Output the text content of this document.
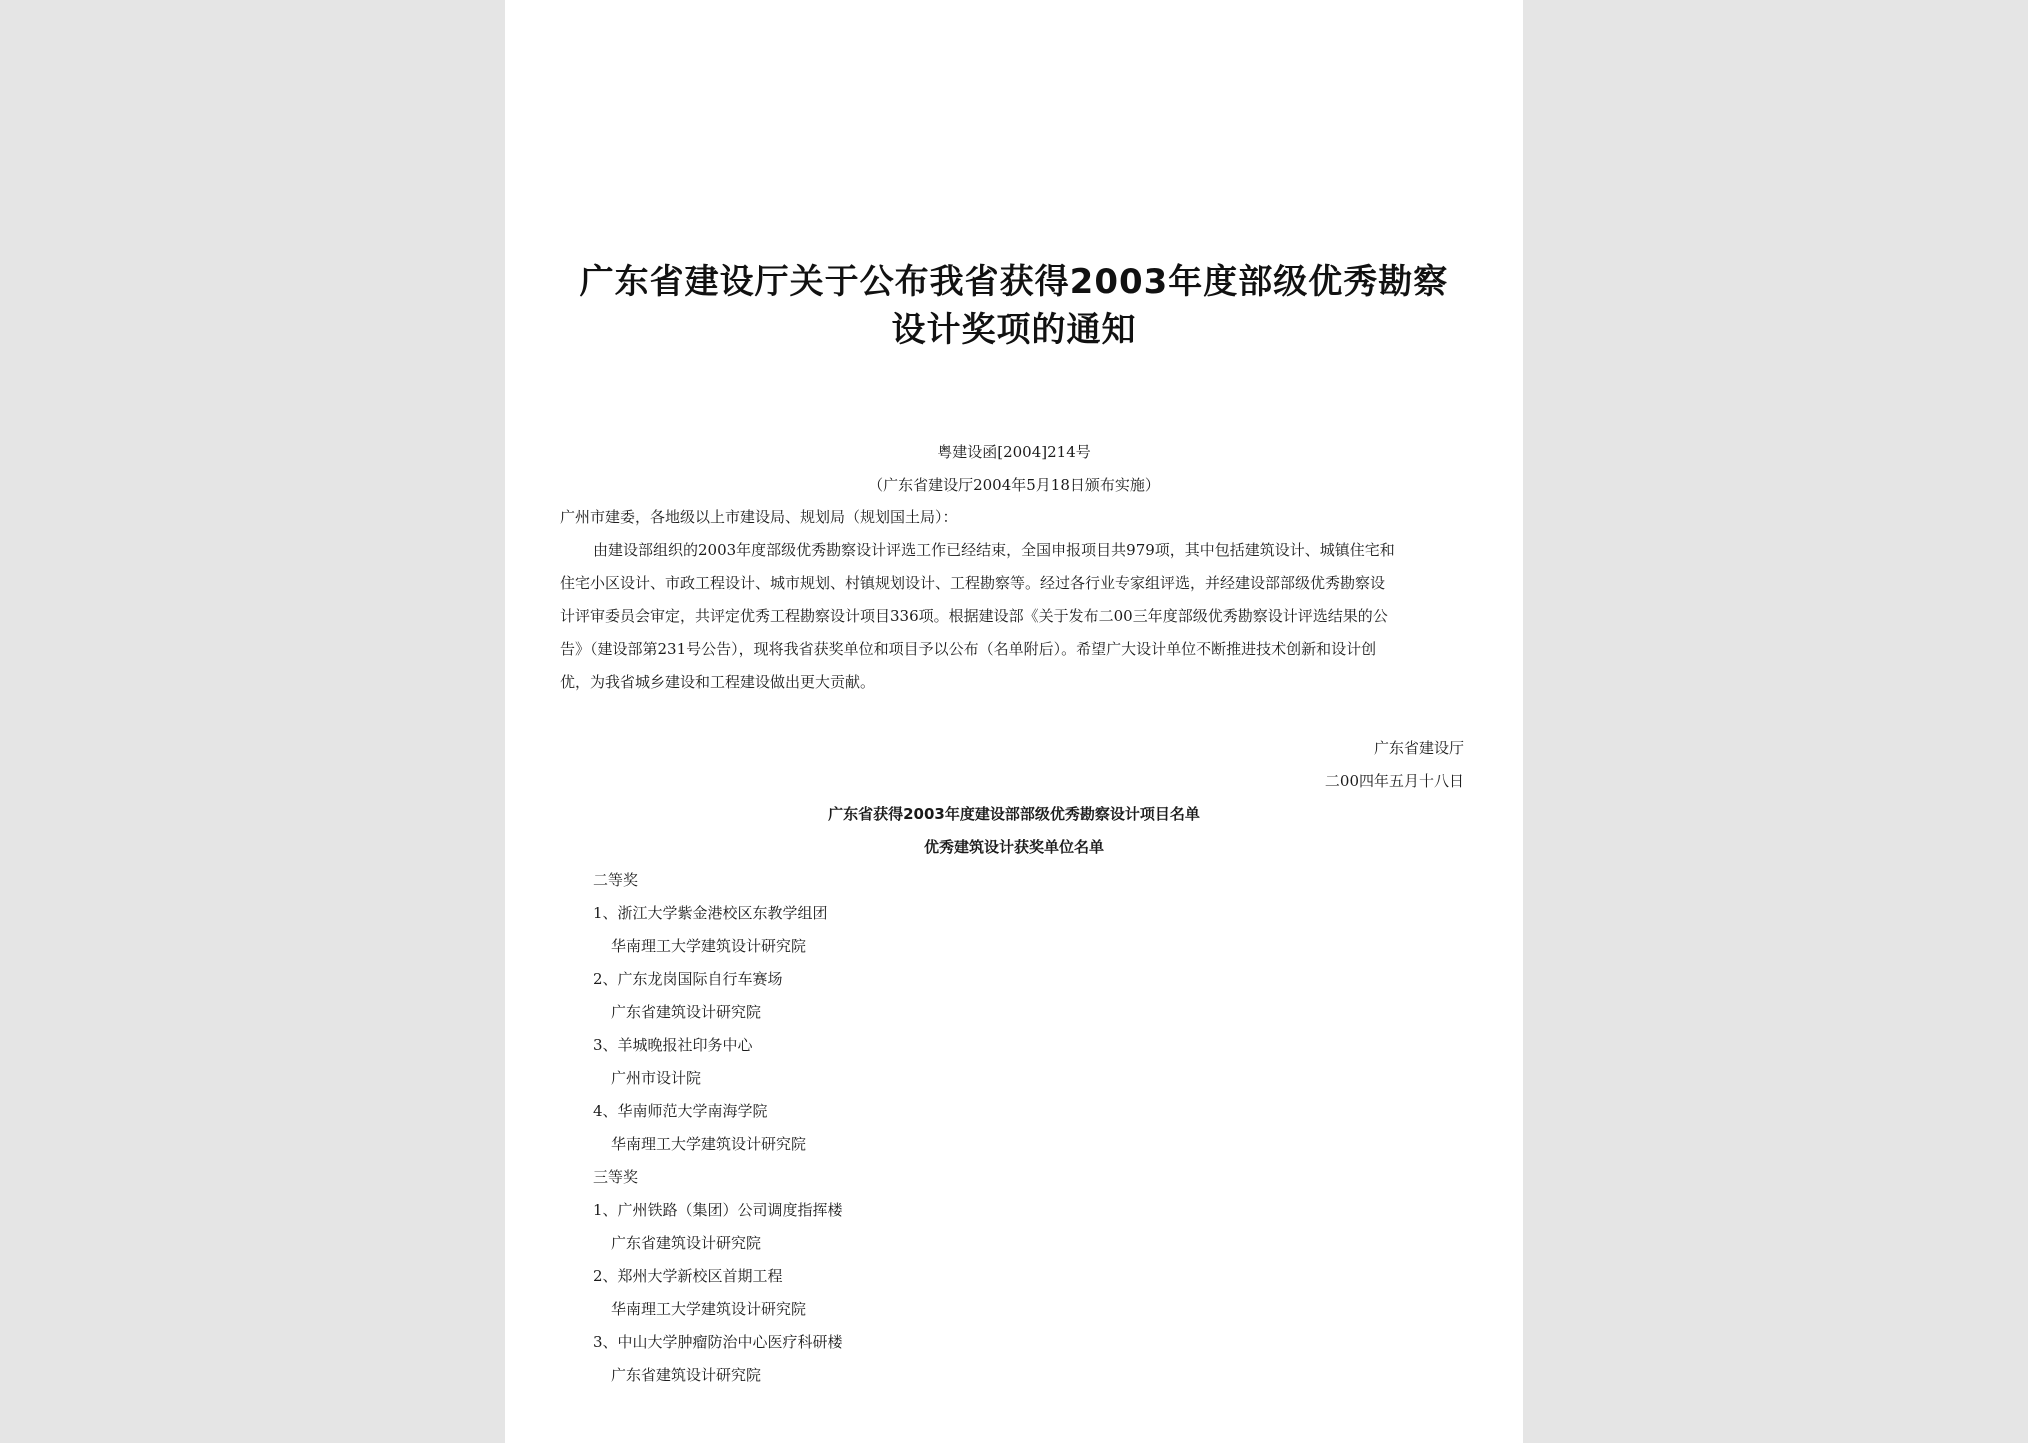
广东省建设厅关于公布我省获得2003年度部级优秀勘察
设计奖项的通知
粤建设函[2004]214号
（广东省建设厅2004年5月18日颁布实施）
广州市建委，各地级以上市建设局、规划局（规划国土局）：
由建设部组织的2003年度部级优秀勘察设计评选工作已经结束，全国申报项目共979项，其中包括建筑设计、城镇住宅和
住宅小区设计、市政工程设计、城市规划、村镇规划设计、工程勘察等。经过各行业专家组评选，并经建设部部级优秀勘察设
计评审委员会审定，共评定优秀工程勘察设计项目336项。根据建设部《关于发布二00三年度部级优秀勘察设计评选结果的公
告》（建设部第231号公告），现将我省获奖单位和项目予以公布（名单附后）。希望广大设计单位不断推进技术创新和设计创
优，为我省城乡建设和工程建设做出更大贡献。
广东省建设厅
二00四年五月十八日
广东省获得2003年度建设部部级优秀勘察设计项目名单
优秀建筑设计获奖单位名单
二等奖
1、浙江大学紫金港校区东教学组团
华南理工大学建筑设计研究院
2、广东龙岗国际自行车赛场
广东省建筑设计研究院
3、羊城晚报社印务中心
广州市设计院
4、华南师范大学南海学院
华南理工大学建筑设计研究院
三等奖
1、广州铁路（集团）公司调度指挥楼
广东省建筑设计研究院
2、郑州大学新校区首期工程
华南理工大学建筑设计研究院
3、中山大学肿瘤防治中心医疗科研楼
广东省建筑设计研究院
